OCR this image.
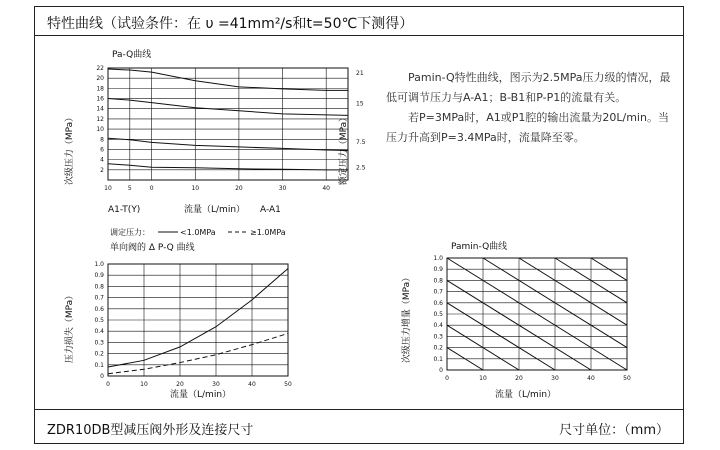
特性曲线（试验条件：在 υ =41mm²/s和t=50℃下测得）
ZDR10DB型减压阀外形及连接尺寸	尺寸单位：（mm）

Pamin-Q特性曲线，图示为2.5MPa压力级的情况，最低可调节压力与A-A1；B-B1和P-P1的流量有关。

若P=3MPa时，A1或P1腔的输出流量为20L/min。当压力升高到P=3.4MPa时，流量降至零。

Pa-Q曲线
次级压力（MPa）	额定压力（MPa）
A1-T(Y)	流量（L/min） A-A1
10	5	0	10	20	30	40
2
4
6
8
10
12
14
16
18
20
22
2.5
7.5
15
21
调定压力：	<1.0MPa	≥1.0MPa
单向阀的 Δ P-Q 曲线
压力损失（MPa）
流量（L/min）
0	10	20	30	40	50
0
0.1
0.2
0.3
0.4
0.5
0.6
0.7
0.8
0.9
1.0
Pamin-Q曲线
次级压力增量（MPa）
流量（L/min）
0	10	20	30	40	50
0
0.1
0.2
0.3
0.4
0.5
0.6
0.7
0.8
0.9
1.0
